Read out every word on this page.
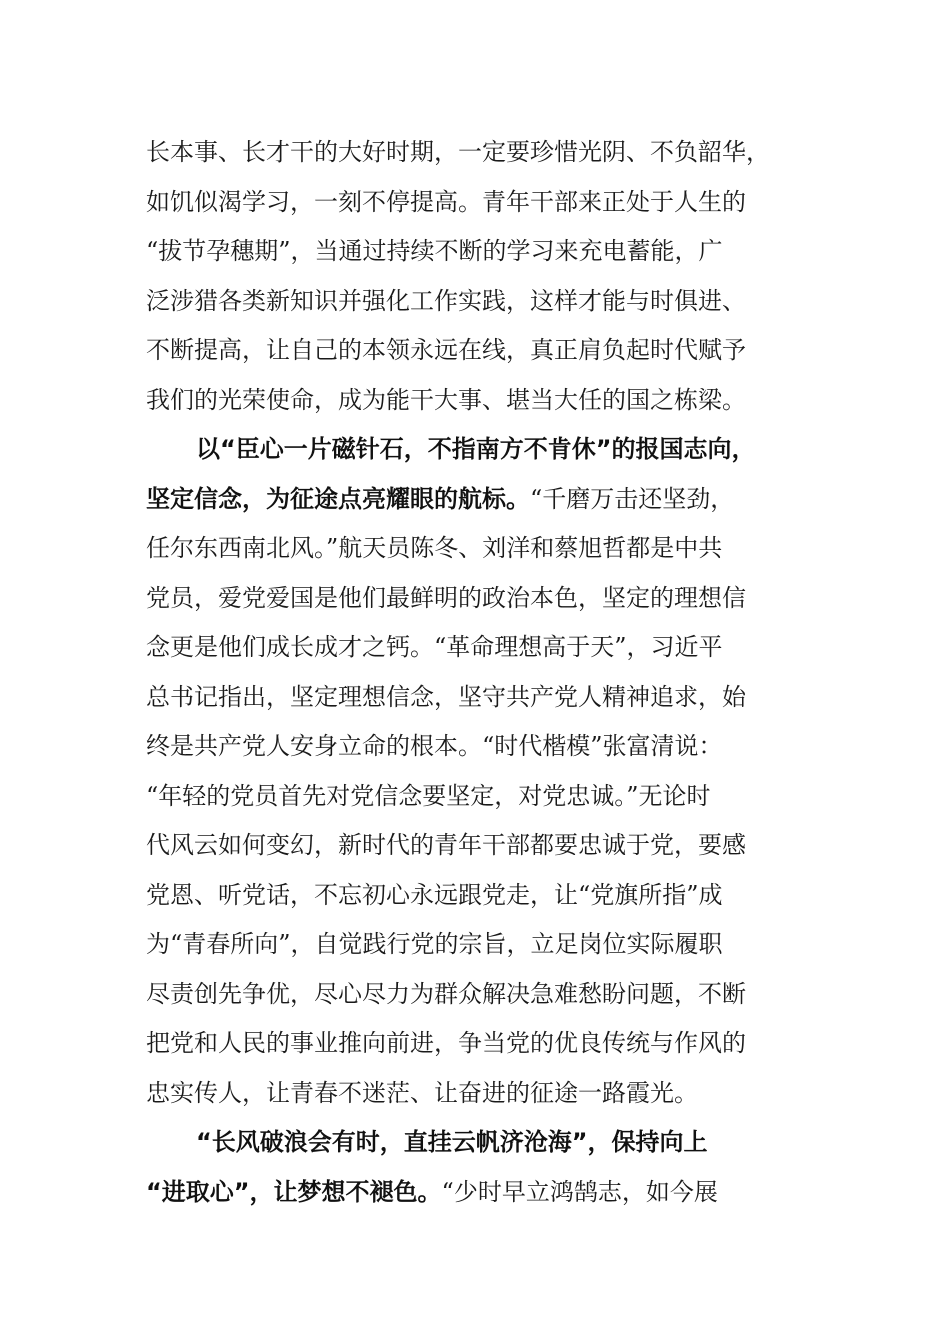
长本事、长才干的大好时期，一定要珍惜光阴、不负韶华，
如饥似渴学习，一刻不停提高。青年干部来正处于人生的
“拔节孕穗期”，当通过持续不断的学习来充电蓄能，广
泛涉猎各类新知识并强化工作实践，这样才能与时俱进、
不断提高，让自己的本领永远在线，真正肩负起时代赋予
我们的光荣使命，成为能干大事、堪当大任的国之栋梁。
以“臣心一片磁针石，不指南方不肯休”的报国志向，
坚定信念，为征途点亮耀眼的航标。“千磨万击还坚劲，
任尔东西南北风。”航天员陈冬、刘洋和蔡旭哲都是中共
党员，爱党爱国是他们最鲜明的政治本色，坚定的理想信
念更是他们成长成才之钙。“革命理想高于天”，习近平
总书记指出，坚定理想信念，坚守共产党人精神追求，始
终是共产党人安身立命的根本。“时代楷模”张富清说：
“年轻的党员首先对党信念要坚定，对党忠诚。”无论时
代风云如何变幻，新时代的青年干部都要忠诚于党，要感
党恩、听党话，不忘初心永远跟党走，让“党旗所指”成
为“青春所向”，自觉践行党的宗旨，立足岗位实际履职
尽责创先争优，尽心尽力为群众解决急难愁盼问题，不断
把党和人民的事业推向前进，争当党的优良传统与作风的
忠实传人，让青春不迷茫、让奋进的征途一路霞光。
“长风破浪会有时，直挂云帆济沧海”，保持向上
“进取心”，让梦想不褪色。“少时早立鸿鹄志，如今展
